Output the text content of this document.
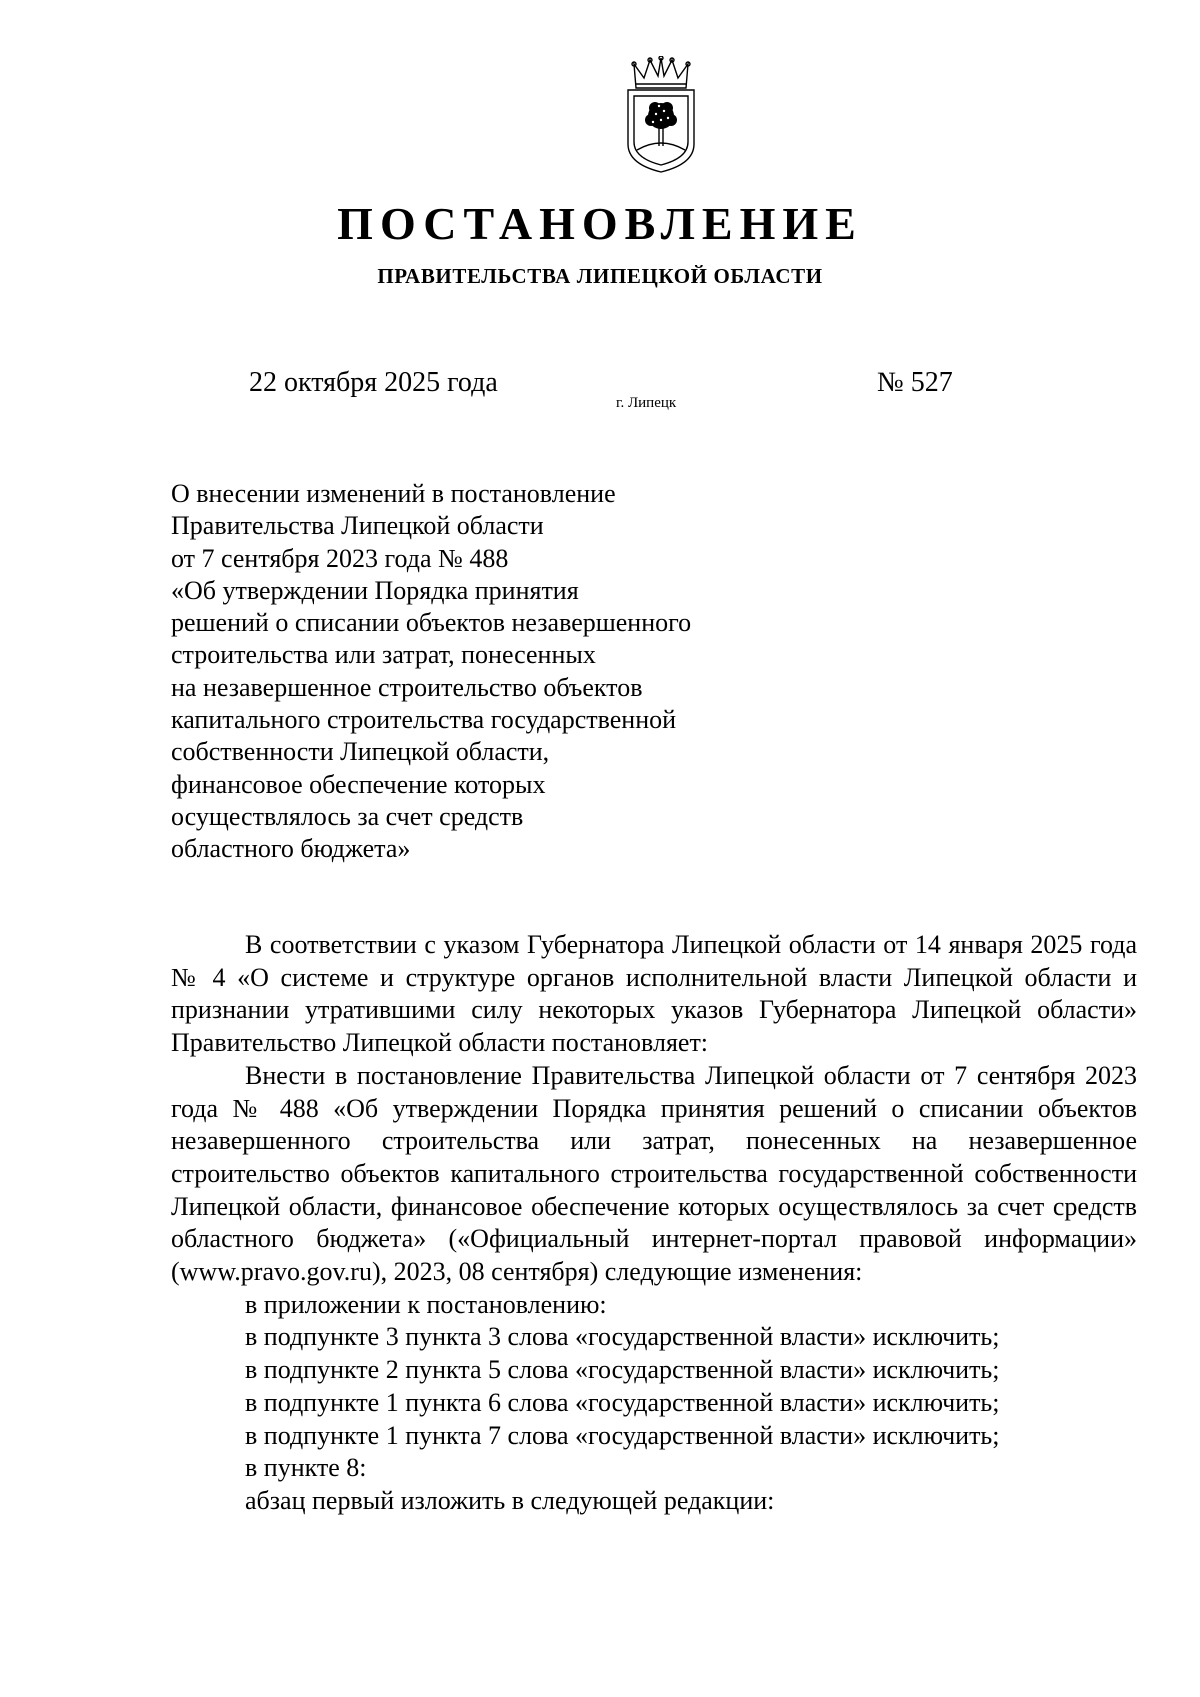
ПОСТАНОВЛЕНИЕ
ПРАВИТЕЛЬСТВА ЛИПЕЦКОЙ ОБЛАСТИ
22 октября 2025 года
г. Липецк
№ 527
О внесении изменений в постановление
Правительства Липецкой области
от 7 сентября 2023 года № 488
«Об утверждении Порядка принятия
решений о списании объектов незавершенного
строительства или затрат, понесенных
на незавершенное строительство объектов
капитального строительства государственной
собственности Липецкой области,
финансовое обеспечение которых
осуществлялось за счет средств
областного бюджета»

В соответствии с указом Губернатора Липецкой области от 14 января 2025 года № 4 «О системе и структуре органов исполнительной власти Липецкой области и признании утратившими силу некоторых указов Губернатора Липецкой области» Правительство Липецкой области постановляет:

Внести в постановление Правительства Липецкой области от 7 сентября 2023 года № 488 «Об утверждении Порядка принятия решений о списании объектов незавершенного строительства или затрат, понесенных на незавершенное строительство объектов капитального строительства государственной собственности Липецкой области, финансовое обеспечение которых осуществлялось за счет средств областного бюджета» («Официальный интернет-портал правовой информации» (www.pravo.gov.ru), 2023, 08 сентября) следующие изменения:

в приложении к постановлению:

в подпункте 3 пункта 3 слова «государственной власти» исключить;

в подпункте 2 пункта 5 слова «государственной власти» исключить;

в подпункте 1 пункта 6 слова «государственной власти» исключить;

в подпункте 1 пункта 7 слова «государственной власти» исключить;

в пункте 8:

абзац первый изложить в следующей редакции:
